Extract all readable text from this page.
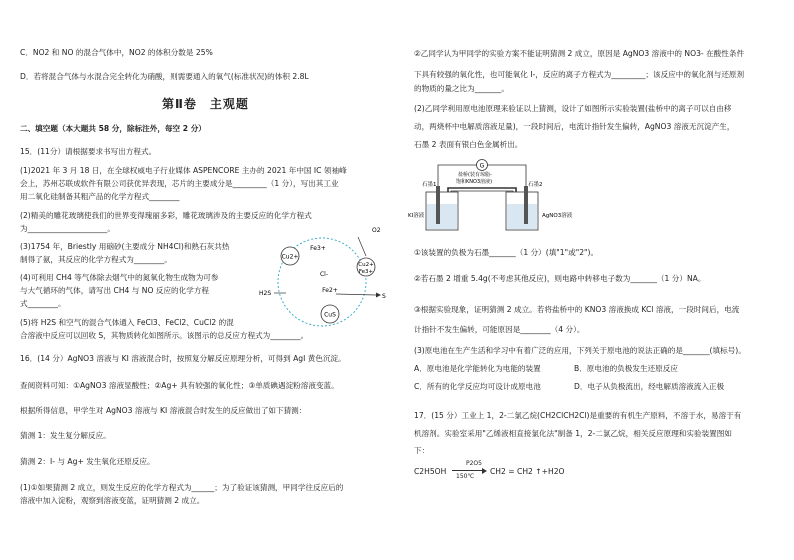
C．NO2 和 NO 的混合气体中，NO2 的体积分数是 25%
D．若将混合气体与水混合完全转化为硝酸，则需要通入的氧气(标准状况)的体积 2.8L
第Ⅱ卷　主观题
二、填空题（本大题共 58 分，除标注外，每空 2 分）
15．(11分）请根据要求书写出方程式。
(1)2021 年 3 月 18 日，在全球权威电子行业媒体 ASPENCORE 主办的 2021 年中国 IC 领袖峰
会上，苏州芯联成软件有限公司获优异表现，芯片的主要成分是_________（1 分），写出其工业
用二氧化硅制备其粗产品的化学方程式________
(2)精美的雕花玻璃使我们的世界变得瑰丽多彩，雕花玻璃涉及的主要反应的化学方程式
为_____________________。
(3)1754 年，Briestly 用硇砂(主要成分 NH4Cl)和熟石灰共热
制得了氨，其反应的化学方程式为________。
(4)可利用 CH4 等气体除去烟气中的氮氧化物生成物为可参
与大气循环的气体，请写出 CH4 与 NO 反应的化学方程
式________。
(5)将 H2S 和空气的混合气体通入 FeCl3、FeCl2、CuCl2 的混
合溶液中反应可以回收 S，其物质转化如图所示。该图示的总反应方程式为________。
16．(14 分）AgNO3 溶液与 KI 溶液混合时，按照复分解反应原理分析，可得到 AgI 黄色沉淀。
查阅资料可知：①AgNO3 溶液显酸性；②Ag+ 具有较强的氧化性；③单质碘遇淀粉溶液变蓝。
根据所得信息，甲学生对 AgNO3 溶液与 KI 溶液混合时发生的反应做出了如下猜测：
猜测 1：发生复分解反应。
猜测 2：I- 与 Ag+ 发生氧化还原反应。
(1)①如果猜测 2 成立，则发生反应的化学方程式为______；为了验证该猜测，甲同学往反应后的
溶液中加入淀粉，观察到溶液变蓝，证明猜测 2 成立。
Cu2+
Fe3+
Cl-
Cu2+
Fe3+
O2
H2S	Fe2+
S
CuS
②乙同学认为甲同学的实验方案不能证明猜测 2 成立，原因是 AgNO3 溶液中的 NO3- 在酸性条件
下具有较强的氧化性，也可能氧化 I-，反应的离子方程式为_________；该反应中的氧化剂与还原剂
的物质的量之比为_______。
(2)乙同学利用原电池原理来验证以上猜测，设计了如图所示实验装置(盐桥中的离子可以自由移
动，两烧杯中电解质溶液足量)，一段时间后，电流计指针发生偏转，AgNO3 溶液无沉淀产生，
石墨 2 表面有银白色金属析出。
G
盐桥(装有琼脂-
饱和KNO3溶液)
石墨1	石墨2
KI溶液	AgNO3溶液
①该装置的负极为石墨_______（1 分）(填"1"或"2")。
②若石墨 2 增重 5.4g(不考虑其他反应)，则电路中转移电子数为_______（1 分）NA。
③根据实验现象，证明猜测 2 成立。若将盐桥中的 KNO3 溶液换成 KCl 溶液，一段时间后，电流
计指针不发生偏转，可能原因是________（4 分）。
(3)原电池在生产生活和学习中有着广泛的应用，下列关于原电池的说法正确的是_______(填标号)。
A．原电池是化学能转化为电能的装置	B．原电池的负极发生还原反应
C．所有的化学反应均可设计成原电池	D．电子从负极流出，经电解质溶液流入正极
17．(15 分）工业上 1，2-二氯乙烷(CH2ClCH2Cl)是重要的有机生产原料，不溶于水，易溶于有
机溶剂。实验室采用"乙烯液相直接氯化法"制备 1，2-二氯乙烷，相关反应原理和实验装置图如
下：
C2H5OH
P2O5
150℃
CH2 = CH2 ↑+H2O
